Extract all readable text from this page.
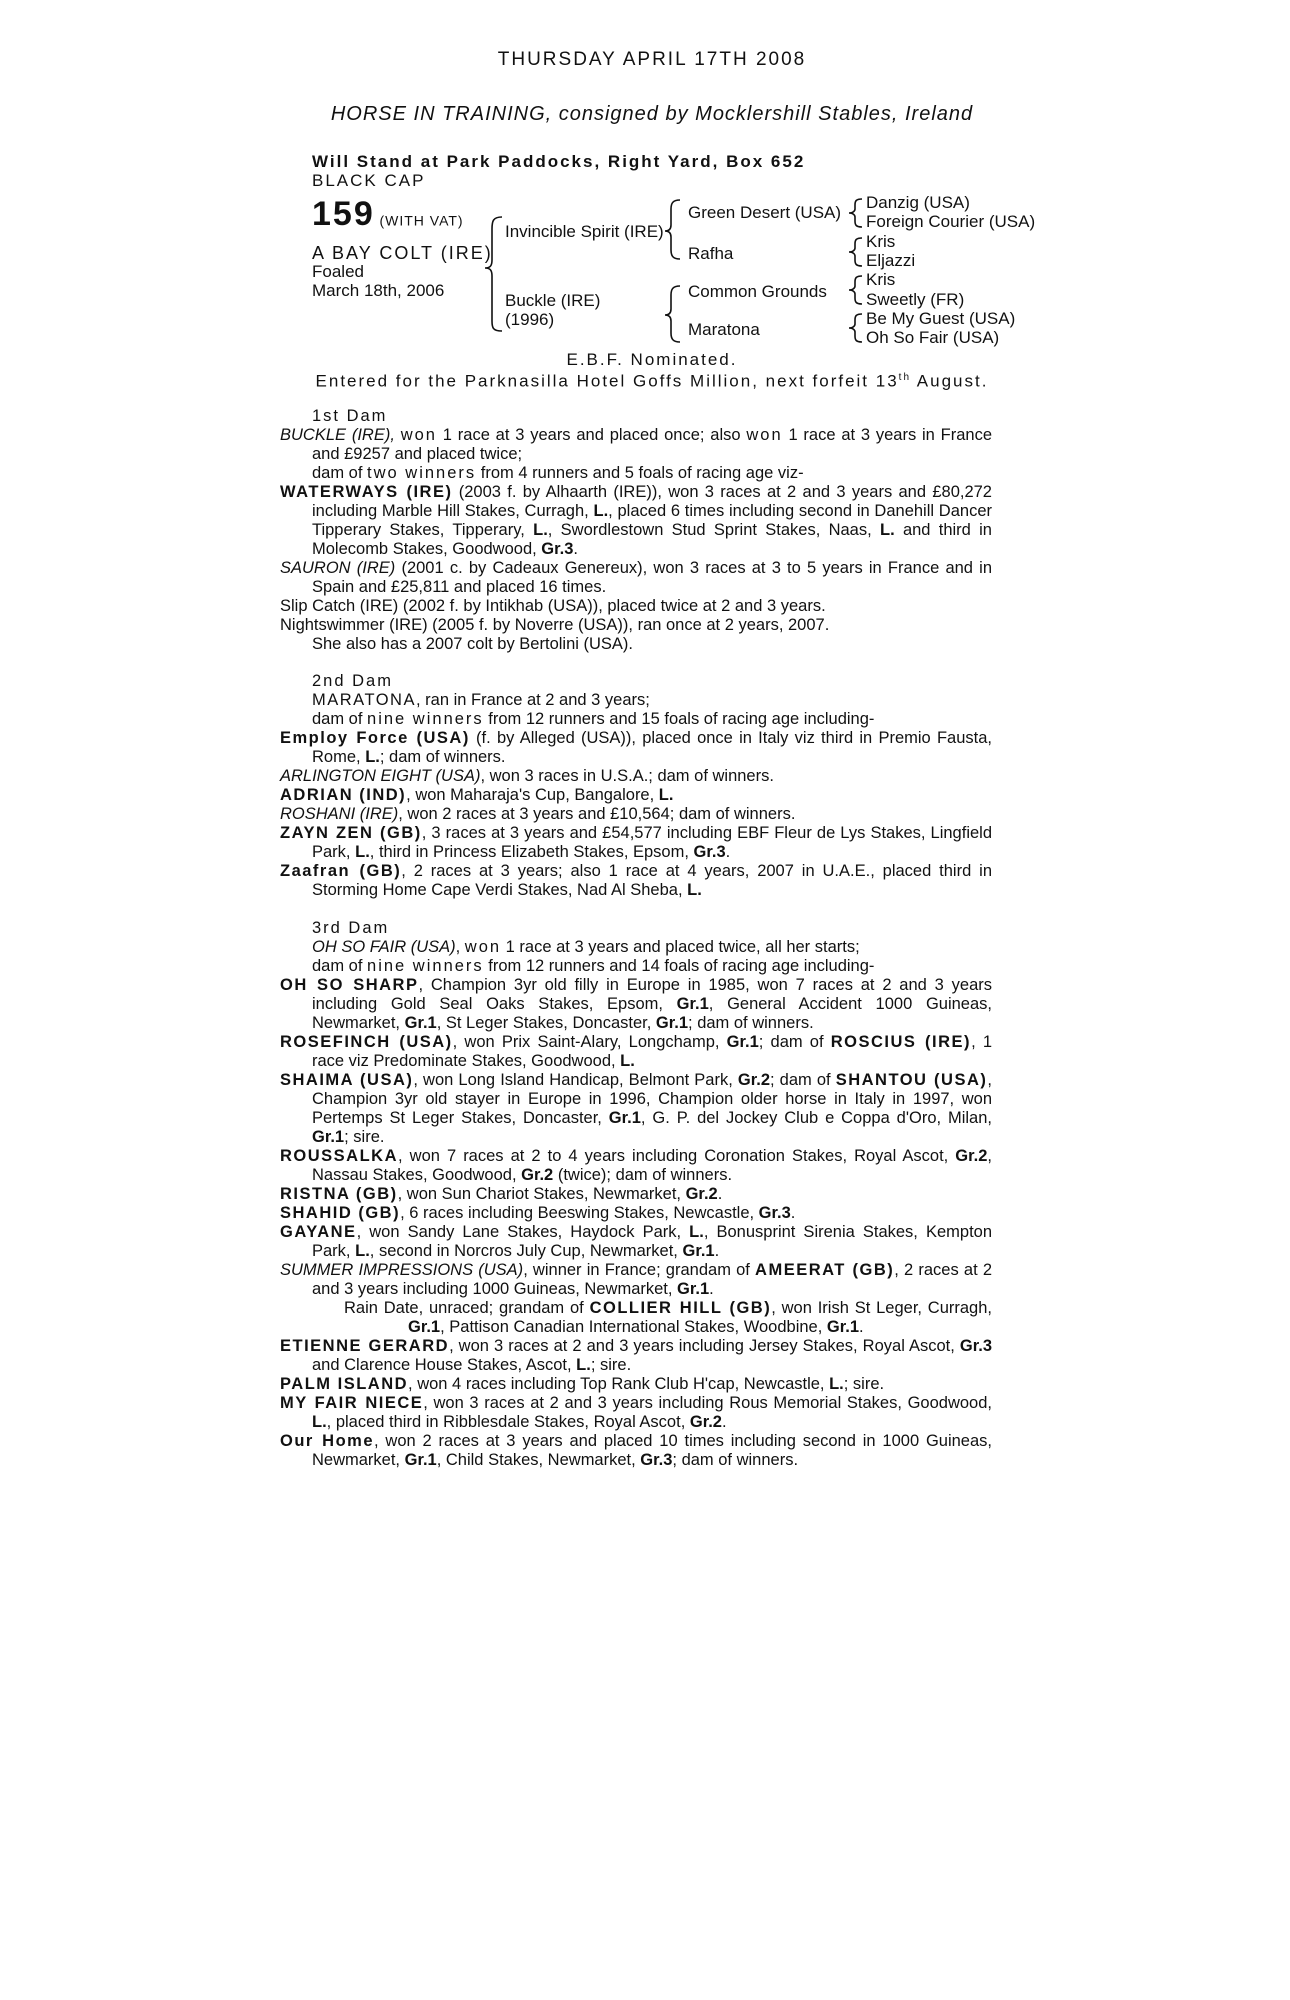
THURSDAY APRIL 17TH 2008
HORSE IN TRAINING, consigned by Mocklershill Stables, Ireland
Will Stand at Park Paddocks, Right Yard, Box 652
BLACK CAP
159 (WITH VAT)
A BAY COLT (IRE)
Foaled
March 18th, 2006
Invincible Spirit (IRE)
Buckle (IRE)
(1996)
Green Desert (USA)
Rafha
Common Grounds
Maratona
Danzig (USA)
Foreign Courier (USA)
Kris
Eljazzi
Kris
Sweetly (FR)
Be My Guest (USA)
Oh So Fair (USA)
E.B.F. Nominated.
Entered for the Parknasilla Hotel Goffs Million, next forfeit 13th August.

1st Dam

BUCKLE (IRE), won 1 race at 3 years and placed once; also won 1 race at 3 years in France and £9257 and placed twice;

dam of two winners from 4 runners and 5 foals of racing age viz-

WATERWAYS (IRE) (2003 f. by Alhaarth (IRE)), won 3 races at 2 and 3 years and £80,272 including Marble Hill Stakes, Curragh, L., placed 6 times including second in Danehill Dancer Tipperary Stakes, Tipperary, L., Swordlestown Stud Sprint Stakes, Naas, L. and third in Molecomb Stakes, Goodwood, Gr.3.

SAURON (IRE) (2001 c. by Cadeaux Genereux), won 3 races at 3 to 5 years in France and in Spain and £25,811 and placed 16 times.

Slip Catch (IRE) (2002 f. by Intikhab (USA)), placed twice at 2 and 3 years.

Nightswimmer (IRE) (2005 f. by Noverre (USA)), ran once at 2 years, 2007.

She also has a 2007 colt by Bertolini (USA).

2nd Dam

MARATONA, ran in France at 2 and 3 years;

dam of nine winners from 12 runners and 15 foals of racing age including-

Employ Force (USA) (f. by Alleged (USA)), placed once in Italy viz third in Premio Fausta, Rome, L.; dam of winners.

ARLINGTON EIGHT (USA), won 3 races in U.S.A.; dam of winners.

ADRIAN (IND), won Maharaja's Cup, Bangalore, L.

ROSHANI (IRE), won 2 races at 3 years and £10,564; dam of winners.

ZAYN ZEN (GB), 3 races at 3 years and £54,577 including EBF Fleur de Lys Stakes, Lingfield Park, L., third in Princess Elizabeth Stakes, Epsom, Gr.3.

Zaafran (GB), 2 races at 3 years; also 1 race at 4 years, 2007 in U.A.E., placed third in Storming Home Cape Verdi Stakes, Nad Al Sheba, L.

3rd Dam

OH SO FAIR (USA), won 1 race at 3 years and placed twice, all her starts;

dam of nine winners from 12 runners and 14 foals of racing age including-

OH SO SHARP, Champion 3yr old filly in Europe in 1985, won 7 races at 2 and 3 years including Gold Seal Oaks Stakes, Epsom, Gr.1, General Accident 1000 Guineas, Newmarket, Gr.1, St Leger Stakes, Doncaster, Gr.1; dam of winners.

ROSEFINCH (USA), won Prix Saint-Alary, Longchamp, Gr.1; dam of ROSCIUS (IRE), 1 race viz Predominate Stakes, Goodwood, L.

SHAIMA (USA), won Long Island Handicap, Belmont Park, Gr.2; dam of SHANTOU (USA), Champion 3yr old stayer in Europe in 1996, Champion older horse in Italy in 1997, won Pertemps St Leger Stakes, Doncaster, Gr.1, G. P. del Jockey Club e Coppa d'Oro, Milan, Gr.1; sire.

ROUSSALKA, won 7 races at 2 to 4 years including Coronation Stakes, Royal Ascot, Gr.2, Nassau Stakes, Goodwood, Gr.2 (twice); dam of winners.

RISTNA (GB), won Sun Chariot Stakes, Newmarket, Gr.2.

SHAHID (GB), 6 races including Beeswing Stakes, Newcastle, Gr.3.

GAYANE, won Sandy Lane Stakes, Haydock Park, L., Bonusprint Sirenia Stakes, Kempton Park, L., second in Norcros July Cup, Newmarket, Gr.1.

SUMMER IMPRESSIONS (USA), winner in France; grandam of AMEERAT (GB), 2 races at 2 and 3 years including 1000 Guineas, Newmarket, Gr.1.

Rain Date, unraced; grandam of COLLIER HILL (GB), won Irish St Leger, Curragh, Gr.1, Pattison Canadian International Stakes, Woodbine, Gr.1.

ETIENNE GERARD, won 3 races at 2 and 3 years including Jersey Stakes, Royal Ascot, Gr.3 and Clarence House Stakes, Ascot, L.; sire.

PALM ISLAND, won 4 races including Top Rank Club H'cap, Newcastle, L.; sire.

MY FAIR NIECE, won 3 races at 2 and 3 years including Rous Memorial Stakes, Goodwood, L., placed third in Ribblesdale Stakes, Royal Ascot, Gr.2.

Our Home, won 2 races at 3 years and placed 10 times including second in 1000 Guineas, Newmarket, Gr.1, Child Stakes, Newmarket, Gr.3; dam of winners.
